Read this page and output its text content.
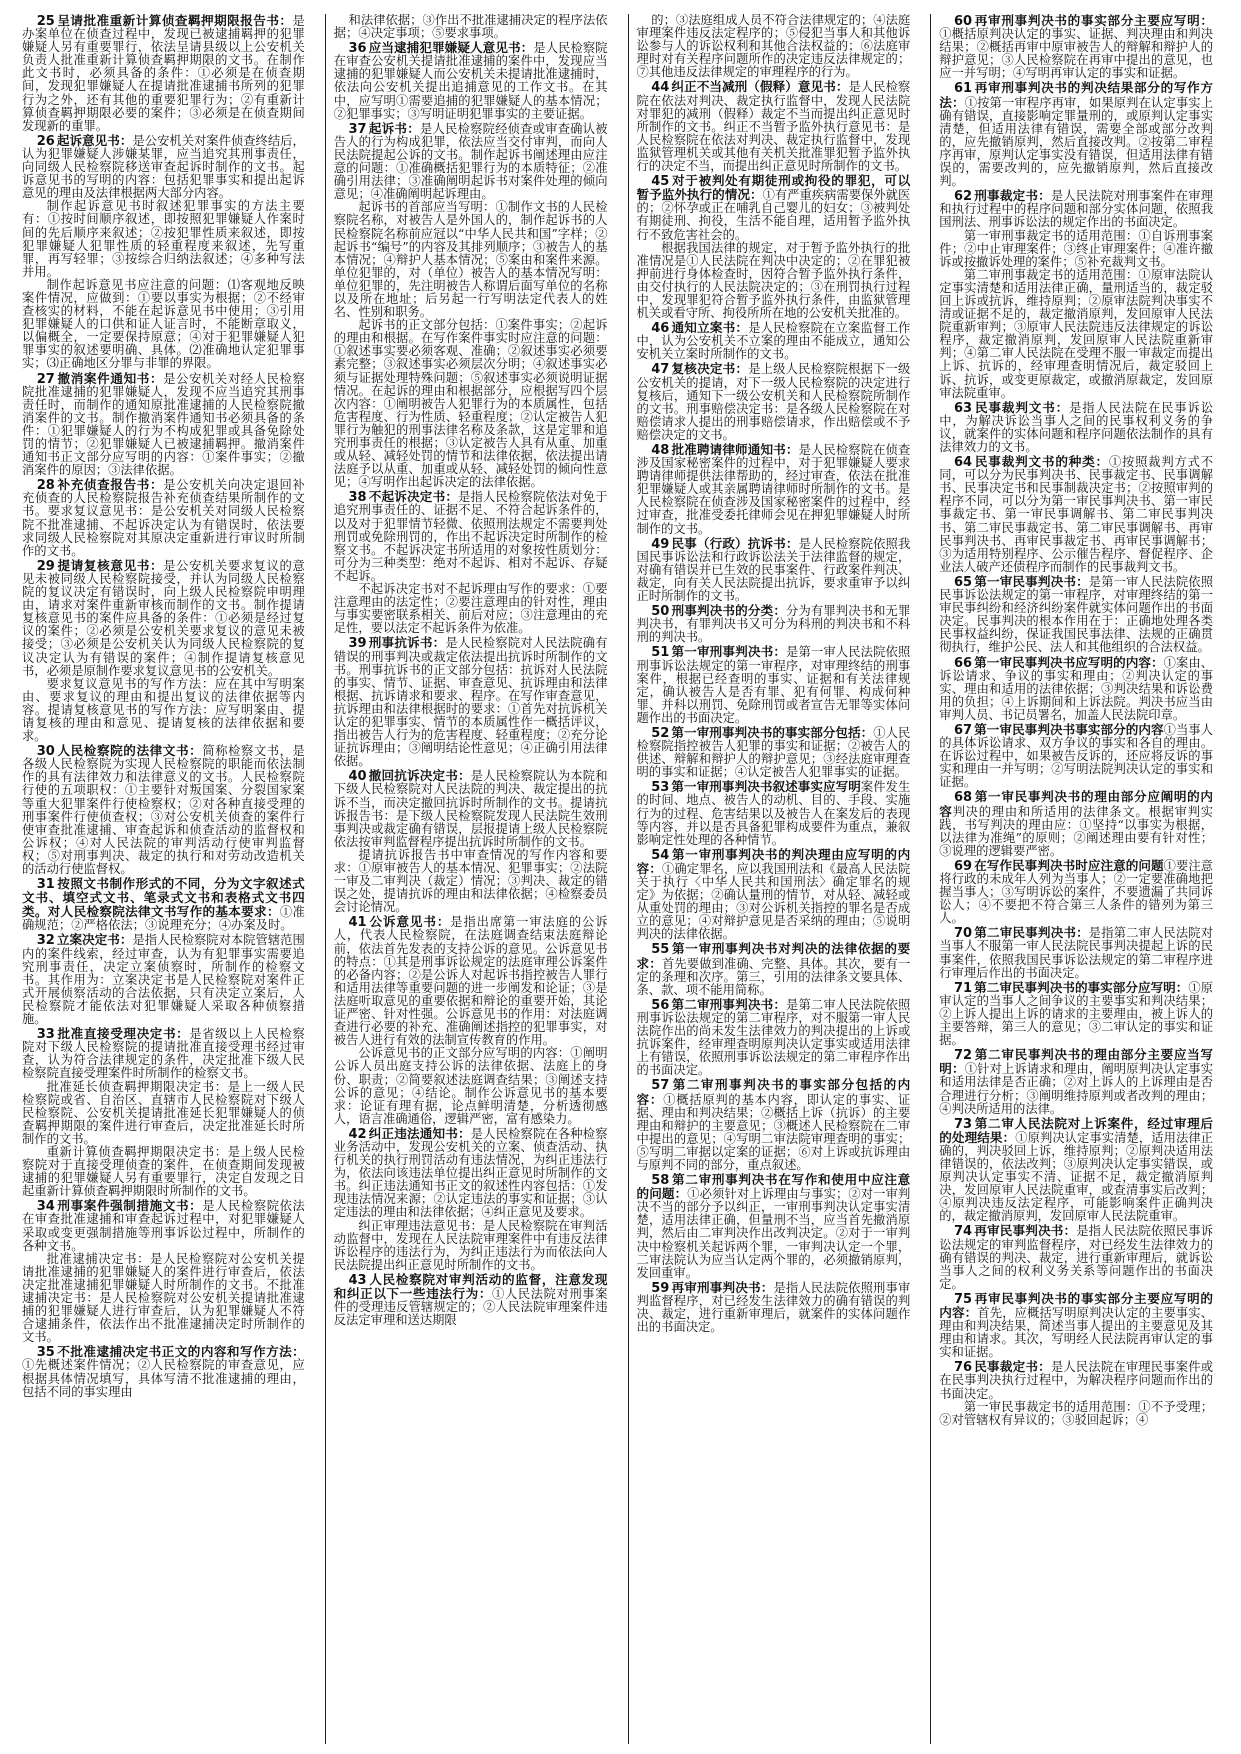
25 呈请批准重新计算侦查羁押期限报告书：是办案单位在侦查过程中，发现已被逮捕羁押的犯罪嫌疑人另有重要罪行，依法呈请县级以上公安机关负责人批准重新计算侦查羁押期限的文书。在制作此文书时，必须具备的条件：①必须是在侦查期间，发现犯罪嫌疑人在提请批准逮捕书所列的犯罪行为之外，还有其他的重要犯罪行为；②有重新计算侦查羁押期限必要的案件；③必须是在侦查期间发现新的重罪。

26 起诉意见书：是公安机关对案件侦查终结后，认为犯罪嫌疑人涉嫌某罪，应当追究其刑事责任，向同级人民检察院移送审查起诉时制作的文书。起诉意见书的写明的内容：包括犯罪事实和提出起诉意见的理由及法律根据两大部分内容。

制作起诉意见书时叙述犯罪事实的方法主要有：①按时间顺序叙述，即按照犯罪嫌疑人作案时间的先后顺序来叙述；②按犯罪性质来叙述，即按犯罪嫌疑人犯罪性质的轻重程度来叙述，先写重罪，再写轻罪；③按综合归纳法叙述；④多种写法并用。

制作起诉意见书应注意的问题：⑴客观地反映案件情况，应做到：①要以事实为根据；②不经审查核实的材料，不能在起诉意见书中使用；③引用犯罪嫌疑人的口供和证人证言时，不能断章取义，以偏概全，一定要保持原意；④对于犯罪嫌疑人犯罪事实的叙述要明确、具体。⑵准确地认定犯罪事实；⑶正确地区分罪与非罪的界限。

27 撤消案件通知书：是公安机关对经人民检察院批准逮捕的犯罪嫌疑人，发现不应当追究其刑事责任时，而制作的通知原批准逮捕的人民检察院撤消案件的文书。制作撤消案件通知书必须具备的条件：①犯罪嫌疑人的行为不构成犯罪或具备免除处罚的情节；②犯罪嫌疑人已被逮捕羁押。撤消案件通知书正文部分应写明的内容：①案件事实；②撤消案件的原因；③法律依据。

28 补充侦查报告书：是公安机关向决定退回补充侦查的人民检察院报告补充侦查结果所制作的文书。要求复议意见书：是公安机关对同级人民检察院不批准逮捕、不起诉决定认为有错误时，依法要求同级人民检察院对其原决定重新进行审议时所制作的文书。

29 提请复核意见书：是公安机关要求复议的意见未被同级人民检察院接受，并认为同级人民检察院的复议决定有错误时，向上级人民检察院申明理由，请求对案件重新审核而制作的文书。制作提请复核意见书的案件应具备的条件：①必须是经过复议的案件；②必须是公安机关要求复议的意见未被接受；③必须是公安机关认为同级人民检察院的复议决定认为有错误的案件；④制作提请复核意见书，必须是原制作要求复议意见书的公安机关。

要求复议意见书的写作方法：应在其中写明案由、要求复议的理由和提出复议的法律依据等内容。提请复核意见书的写作方法：应写明案由、提请复核的理由和意见、提请复核的法律依据和要求。

30 人民检察院的法律文书：简称检察文书，是各级人民检察院为实现人民检察院的职能而依法制作的具有法律效力和法律意义的文书。人民检察院行使的五项职权：①主要针对叛国案、分裂国家案等重大犯罪案件行使检察权；②对各种直接受理的刑事案件行使侦查权；③对公安机关侦查的案件行使审查批准逮捕、审查起诉和侦查活动的监督权和公诉权；④对人民法院的审判活动行使审判监督权；⑤对刑事判决、裁定的执行和对劳动改造机关的活动行使监督权。

31 按照文书制作形式的不同，分为文字叙述式文书、填空式文书、笔录式文书和表格式文书四类。对人民检察院法律文书写作的基本要求：①准确规范；②严格依法；③说理充分；④办案及时。

32 立案决定书：是指人民检察院对本院管辖范围内的案件线索，经过审查，认为有犯罪事实需要追究刑事责任，决定立案侦察时，所制作的检察文书。其作用为：立案决定书是人民检察院对案件正式开展侦察活动的合法依据，只有决定立案后，人民检察院才能依法对犯罪嫌疑人采取各种侦察措施。

33 批准直接受理决定书：是省级以上人民检察院对下级人民检察院的提请批准直接受理书经过审查，认为符合法律规定的条件，决定批准下级人民检察院直接受理案件时所制作的检察文书。

批准延长侦查羁押期限决定书：是上一级人民检察院或省、自治区、直辖市人民检察院对下级人民检察院、公安机关提请批准延长犯罪嫌疑人的侦查羁押期限的案件进行审查后，决定批准延长时所制作的文书。

重新计算侦查羁押期限决定书：是上级人民检察院对于直接受理侦查的案件，在侦查期间发现被逮捕的犯罪嫌疑人另有重要罪行，决定自发现之日起重新计算侦查羁押期限时所制作的文书。

34 刑事案件强制措施文书：是人民检察院依法在审查批准逮捕和审查起诉过程中，对犯罪嫌疑人采取或变更强制措施等刑事诉讼过程中，所制作的各种文书。

批准逮捕决定书：是人民检察院对公安机关提请批准逮捕的犯罪嫌疑人的案件进行审查后，依法决定批准逮捕犯罪嫌疑人时所制作的文书。不批准逮捕决定书：是人民检察院对公安机关提请批准逮捕的犯罪嫌疑人进行审查后，认为犯罪嫌疑人不符合逮捕条件，依法作出不批准逮捕决定时所制作的文书。

35 不批准逮捕决定书正文的内容和写作方法：①先概述案件情况；②人民检察院的审查意见，应根据具体情况填写，具体写清不批准逮捕的理由，包括不同的事实理由

和法律依据；③作出不批准逮捕决定的程序法依据；④决定事项；⑤要求事项。

36 应当逮捕犯罪嫌疑人意见书：是人民检察院在审查公安机关提请批准逮捕的案件中，发现应当逮捕的犯罪嫌疑人而公安机关未提请批准逮捕时，依法向公安机关提出追捕意见的工作文书。在其中，应写明①需要追捕的犯罪嫌疑人的基本情况；②犯罪事实；③写明证明犯罪事实的主要证据。

37 起诉书：是人民检察院经侦查或审查确认被告人的行为构成犯罪，依法应当交付审判，而向人民法院提起公诉的文书。制作起诉书阐述理由应注意的问题：①准确概括犯罪行为的本质特征；②准确引用法律；③准确阐明起诉书对案件处理的倾向意见；④准确阐明起诉理由。

起诉书的首部应当写明：①制作文书的人民检察院名称，对被告人是外国人的，制作起诉书的人民检察院名称前应冠以“中华人民共和国”字样；②起诉书“编号”的内容及其排列顺序；③被告人的基本情况；④辩护人基本情况；⑤案由和案件来源。单位犯罪的，对（单位）被告人的基本情况写明：单位犯罪的，先注明被告人称谓后面写单位的名称以及所在地址；后另起一行写明法定代表人的姓名、性别和职务。

起诉书的正文部分包括：①案件事实；②起诉的理由和根据。在写作案件事实时应注意的问题：①叙述事实要必须客观、准确；②叙述事实必须要素完整；③叙述事实必须层次分明；④叙述事实必须与证据处理特殊问题；⑤叙述事实必须说明证据情况。在起诉的理由和根据部分，应根据写四个层次内容：①阐明被告人犯罪行为的本质属性，包括危害程度、行为性质、轻重程度；②认定被告人犯罪行为触犯的刑事法律名称及条款，这是定罪和追究刑事责任的根据；③认定被告人具有从重、加重或从轻、减轻处罚的情节和法律依据，依法提出请法庭予以从重、加重或从轻、减轻处罚的倾向性意见；④写明作出起诉决定的法律依据。

38 不起诉决定书：是指人民检察院依法对免于追究刑事责任的、证据不足、不符合起诉条件的，以及对于犯罪情节轻微、依照刑法规定不需要判处刑罚或免除刑罚的，作出不起诉决定时所制作的检察文书。不起诉决定书所适用的对象按性质划分：可分为三种类型：绝对不起诉、相对不起诉、存疑不起诉。

不起诉决定书对不起诉理由写作的要求：①要注意理由的法定性；②要注意理由的针对性，理由与事实要密联系相关、前后对应；③注意理由的充足性，要以法定不起诉条件为依准。

39 刑事抗诉书：是人民检察院对人民法院确有错误的刑事判决或裁定依法提出抗诉时所制作的文书。刑事抗诉书的正文部分包括：抗诉对人民法院的事实、情节、证据、审查意见、抗诉理由和法律根据、抗诉请求和要求、程序。在写作审查意见，抗诉理由和法律根据时的要求：①首先对抗诉机关认定的犯罪事实、情节的本质属性作一概括评议，指出被告人行为的危害程度、轻重程度；②充分论证抗诉理由；③阐明结论性意见；④正确引用法律依据。

40 撤回抗诉决定书：是人民检察院认为本院和下级人民检察院对人民法院的判决、裁定提出的抗诉不当，而决定撤回抗诉时所制作的文书。提请抗诉报告书：是下级人民检察院发现人民法院生效刑事判决或裁定确有错误，层报提请上级人民检察院依法按审判监督程序提出抗诉时所制作的文书。

提请抗诉报告书中审查情况的写作内容和要求：①原审被告人的基本情况、犯罪事实；②法院一审及二审判决（裁定）情况；③判决、裁定的错误之处，提请抗诉的理由和法律依据；④检察委员会讨论情况。

41 公诉意见书：是指出席第一审法庭的公诉人，代表人民检察院，在法庭调查结束法庭辩论前，依法首先发表的支持公诉的意见。公诉意见书的特点：①其是刑事诉讼规定的法庭审理公诉案件的必备内容；②是公诉人对起诉书指控被告人罪行和适用法律等重要问题的进一步阐发和论证；③是法庭听取意见的重要依据和辩论的重要开始，其论证严密、针对性强。公诉意见书的作用：对法庭调查进行必要的补充、准确阐述指控的犯罪事实，对被告人进行有效的法制宣传教育的作用。

公诉意见书的正文部分应写明的内容：①阐明公诉人员出庭支持公诉的法律依据、法庭上的身份、职责；②简要叙述法庭调查结果；③阐述支持公诉的意见；④结论。制作公诉意见书的基本要求：论证有理有据，论点鲜明清楚，分析透彻感人，语言准确通俗，逻辑严密，富有感染力。

42 纠正违法通知书：是人民检察院在各种检察业务活动中，发现公安机关的立案、侦查活动、执行机关的执行刑罚活动有违法情况，为纠正违法行为，依法向该违法单位提出纠正意见时所制作的文书。纠正违法通知书正文的叙述性内容包括：①发现违法情况来源；②认定违法的事实和证据；③认定违法的理由和法律依据；④纠正意见及要求。

纠正审理违法意见书：是人民检察院在审判活动监督中，发现在人民法院审理案件中有违反法律诉讼程序的违法行为，为纠正违法行为而依法向人民法院提出纠正意见时所制作的文书。

43 人民检察院对审判活动的监督，注意发现和纠正以下一些违法行为：①人民法院对刑事案件的受理违反管辖规定的；②人民法院审理案件违反法定审理和送达期限

的；③法庭组成人员不符合法律规定的；④法庭审理案件违反法定程序的；⑤侵犯当事人和其他诉讼参与人的诉讼权利和其他合法权益的；⑥法庭审理时对有关程序问题所作的决定违反法律规定的；⑦其他违反法律规定的审理程序的行为。

44 纠正不当减刑（假释）意见书：是人民检察院在依法对判决、裁定执行监督中，发现人民法院对罪犯的减刑（假释）裁定不当而提出纠正意见时所制作的文书。纠正不当暂予监外执行意见书：是人民检察院在依法对判决、裁定执行监督中，发现监狱管理机关或其他有关机关批准罪犯暂予监外执行的决定不当，而提出纠正意见时所制作的文书。

45 对于被判处有期徒刑或拘役的罪犯，可以暂予监外执行的情况：①有严重疾病需要保外就医的；②怀孕或正在哺乳自己婴儿的妇女；③被判处有期徒刑、拘役，生活不能自理，适用暂予监外执行不致危害社会的。

根据我国法律的规定，对于暂予监外执行的批准情况是①人民法院在判决中决定的；②在罪犯被押前进行身体检查时，因符合暂予监外执行条件，由交付执行的人民法院决定的；③在刑罚执行过程中，发现罪犯符合暂予监外执行条件，由监狱管理机关或看守所、拘役所所在地的公安机关批准的。

46 通知立案书：是人民检察院在立案监督工作中，认为公安机关不立案的理由不能成立，通知公安机关立案时所制作的文书。

47 复核决定书：是上级人民检察院根据下一级公安机关的提请，对下一级人民检察院的决定进行复核后，通知下一级公安机关和人民检察院所制作的文书。刑事赔偿决定书：是各级人民检察院在对赔偿请求人提出的刑事赔偿请求，作出赔偿或不予赔偿决定的文书。

48 批准聘请律师通知书：是人民检察院在侦查涉及国家秘密案件的过程中，对于犯罪嫌疑人要求聘请律师提供法律帮助的，经过审查，依法在批准犯罪嫌疑人或其亲属聘请律师时所制作的文书。是人民检察院在侦查涉及国家秘密案件的过程中，经过审查，批准受委托律师会见在押犯罪嫌疑人时所制作的文书。

49 民事（行政）抗诉书：是人民检察院依照我国民事诉讼法和行政诉讼法关于法律监督的规定，对确有错误并已生效的民事案件、行政案件判决、裁定，向有关人民法院提出抗诉，要求重审予以纠正时所制作的文书。

50 刑事判决书的分类：分为有罪判决书和无罪判决书，有罪判决书又可分为科刑的判决书和不科刑的判决书。

51 第一审刑事判决书：是第一审人民法院依照刑事诉讼法规定的第一审程序，对审理终结的刑事案件，根据已经查明的事实、证据和有关法律规定，确认被告人是否有罪、犯有何罪、构成何种罪、并科以刑罚、免除刑罚或者宣告无罪等实体问题作出的书面决定。

52 第一审刑事判决书的事实部分包括：①人民检察院指控被告人犯罪的事实和证据；②被告人的供述、辩解和辩护人的辩护意见；③经法庭审理查明的事实和证据；④认定被告人犯罪事实的证据。

53 第一审刑事判决书叙述事实应写明案件发生的时间、地点、被告人的动机、目的、手段、实施行为的过程、危害结果以及被告人在案发后的表现等内容，并以是否具备犯罪构成要件为重点，兼叙影响定性处理的各种情节。

54 第一审刑事判决书的判决理由应写明的内容：①确定罪名，应以我国刑法和《最高人民法院关于执行〈中华人民共和国刑法〉确定罪名的规定》为依据；②确认量刑的情节，对从轻、减轻或从重处罚的理由；③对公诉机关指控的罪名是否成立的意见；④对辩护意见是否采纳的理由；⑤说明判决的法律依据。

55 第一审刑事判决书对判决的法律依据的要求：首先要做到准确、完整、具体。其次，要有一定的条理和次序。第三，引用的法律条文要具体、条、款、项不能用简称。

56 第二审刑事判决书：是第二审人民法院依照刑事诉讼法规定的第二审程序，对不服第一审人民法院作出的尚未发生法律效力的判决提出的上诉或抗诉案件，经审理查明原判决认定事实或适用法律上有错误，依照刑事诉讼法规定的第二审程序作出的书面决定。

57 第二审刑事判决书的事实部分包括的内容：①概括原判的基本内容，即认定的事实、证据、理由和判决结果；②概括上诉（抗诉）的主要理由和辩护的主要意见；③概述人民检察院在二审中提出的意见；④写明二审法院审理查明的事实；⑤写明二审据以定案的证据；⑥对上诉或抗诉理由与原判不同的部分，重点叙述。

58 第二审刑事判决书在写作和使用中应注意的问题：①必须针对上诉理由与事实；②对一审判决不当的部分予以纠正，一审刑事判决认定事实清楚，适用法律正确，但量刑不当，应当首先撤消原判，然后由二审判决作出改判决定。②对于一审判决中检察机关起诉两个罪，一审判决认定一个罪，二审法院认为应当认定两个罪的，必须撤销原判，发回重审。

59 再审刑事判决书：是指人民法院依照刑事审判监督程序，对已经发生法律效力的确有错误的判决、裁定，进行重新审理后，就案件的实体问题作出的书面决定。

60 再审刑事判决书的事实部分主要应写明：①概括原判决认定的事实、证据、判决理由和判决结果；②概括再审中原审被告人的辩解和辩护人的辩护意见；③人民检察院在再审中提出的意见，也应一并写明；④写明再审认定的事实和证据。

61 再审刑事判决书的判决结果部分的写作方法：①按第一审程序再审，如果原判在认定事实上确有错误，直接影响定罪量刑的，或原判认定事实清楚，但适用法律有错误，需要全部或部分改判的，应先撤销原判，然后直接改判。②按第二审程序再审，原判认定事实没有错误，但适用法律有错误的，需要改判的，应先撤销原判，然后直接改判。

62 刑事裁定书：是人民法院对刑事案件在审理和执行过程中的程序问题和部分实体问题，依照我国刑法、刑事诉讼法的规定作出的书面决定。

第一审刑事裁定书的适用范围：①自诉刑事案件；②中止审理案件；③终止审理案件；④准许撤诉或按撤诉处理的案件；⑤补充裁判文书。

第二审刑事裁定书的适用范围：①原审法院认定事实清楚和适用法律正确，量刑适当的，裁定驳回上诉或抗诉，维持原判；②原审法院判决事实不清或证据不足的，裁定撤消原判，发回原审人民法院重新审判；③原审人民法院违反法律规定的诉讼程序，裁定撤消原判，发回原审人民法院重新审判；④第二审人民法院在受理不服一审裁定而提出上诉、抗诉的，经审理查明情况后，裁定驳回上诉、抗诉，或变更原裁定，或撤消原裁定，发回原审法院重审。

63 民事裁判文书：是指人民法院在民事诉讼中，为解决诉讼当事人之间的民事权利义务的争议，就案件的实体问题和程序问题依法制作的具有法律效力的文书。

64 民事裁判文书的种类：①按照裁判方式不同，可以分为民事判决书、民事裁定书、民事调解书、民事决定书和民事制裁决定书；②按照审判的程序不同，可以分为第一审民事判决书、第一审民事裁定书、第一审民事调解书、第二审民事判决书、第二审民事裁定书、第二审民事调解书、再审民事判决书、再审民事裁定书、再审民事调解书；③为适用特别程序、公示催告程序、督促程序、企业法人破产还债程序而制作的民事裁判文书。

65 第一审民事判决书：是第一审人民法院依照民事诉讼法规定的第一审程序，对审理终结的第一审民事纠纷和经济纠纷案件就实体问题作出的书面决定。民事判决的根本作用在于：正确地处理各类民事权益纠纷，保证我国民事法律、法规的正确贯彻执行，维护公民、法人和其他组织的合法权益。

66 第一审民事判决书应写明的内容：①案由、诉讼请求、争议的事实和理由；②判决认定的事实、理由和适用的法律依据；③判决结果和诉讼费用的负担；④上诉期间和上诉法院。判决书应当由审判人员、书记员署名，加盖人民法院印章。

67 第一审民事判决书事实部分的内容①当事人的具体诉讼请求、双方争议的事实和各自的理由。在诉讼过程中，如果被告反诉的，还应将反诉的事实和理由一并写明；②写明法院判决认定的事实和证据。

68 第一审民事判决书的理由部分应阐明的内容判决的理由和所适用的法律条文。根据审判实践，书写判决的理由应：①坚持“以事实为根据，以法律为准绳”的原则；②阐述理由要有针对性；③说理的逻辑要严密。

69 在写作民事判决书时应注意的问题①要注意将行政的未成年人列为当事人；②一定要准确地把握当事人；③写明诉讼的案件，不要遗漏了共同诉讼人；④不要把不符合第三人条件的错列为第三人。

70 第二审民事判决书：是指第二审人民法院对当事人不服第一审人民法院民事判决提起上诉的民事案件，依照我国民事诉讼法规定的第二审程序进行审理后作出的书面决定。

71 第二审民事判决书的事实部分应写明：①原审认定的当事人之间争议的主要事实和判决结果；②上诉人提出上诉的请求的主要理由，被上诉人的主要答辩，第三人的意见；③二审认定的事实和证据。

72 第二审民事判决书的理由部分主要应当写明：①针对上诉请求和理由，阐明原判决认定事实和适用法律是否正确；②对上诉人的上诉理由是否合理进行分析；③阐明维持原判或者改判的理由；④判决所适用的法律。

73 第二审人民法院对上诉案件，经过审理后的处理结果：①原判决认定事实清楚，适用法律正确的，判决驳回上诉，维持原判；②原判决适用法律错误的，依法改判；③原判决认定事实错误，或原判决认定事实不清、证据不足，裁定撤消原判决，发回原审人民法院重审，或查清事实后改判；④原判决违反法定程序，可能影响案件正确判决的，裁定撤消原判，发回原审人民法院重审。

74 再审民事判决书：是指人民法院依照民事诉讼法规定的审判监督程序，对已经发生法律效力的确有错误的判决、裁定，进行重新审理后，就诉讼当事人之间的权利义务关系等问题作出的书面决定。

75 再审民事判决书的事实部分主要应写明的内容：首先，应概括写明原判决认定的主要事实、理由和判决结果，简述当事人提出的主要意见及其理由和请求。其次，写明经人民法院再审认定的事实和证据。

76 民事裁定书：是人民法院在审理民事案件或在民事判决执行过程中，为解决程序问题而作出的书面决定。

第一审民事裁定书的适用范围：①不予受理；②对管辖权有异议的；③驳回起诉；④
